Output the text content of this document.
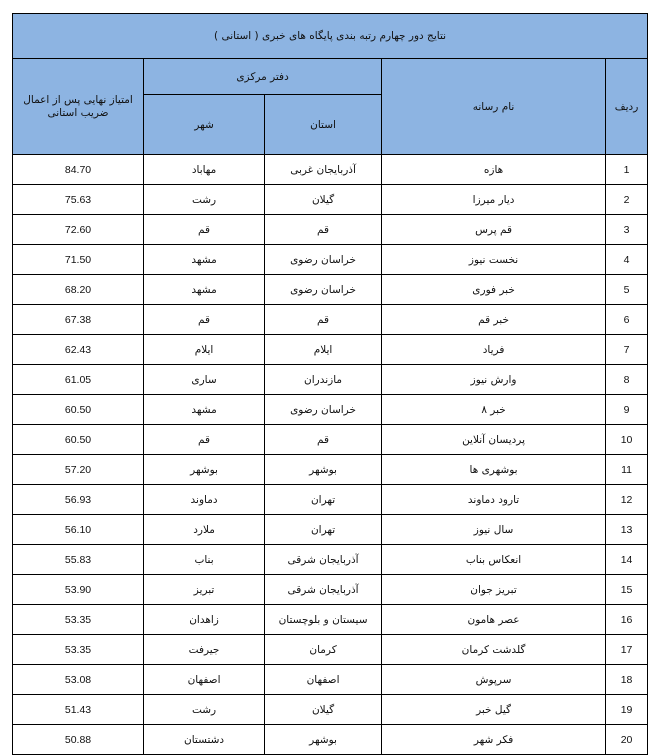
نتایج دور چهارم رتبه بندی پایگاه های خبری ( استانی )				
ردیف	نام رسانه	دفتر مرکزی		امتیاز نهایی پس از اعمال ضریب استانی
		استان	شهر	
1	هازه	آذربایجان غربی	مهاباد	84.70
2	دیار میرزا	گیلان	رشت	75.63
3	قم پرس	قم	قم	72.60
4	نخست نیوز	خراسان رضوی	مشهد	71.50
5	خبر فوری	خراسان رضوی	مشهد	68.20
6	خبر قم	قم	قم	67.38
7	فریاد	ایلام	ایلام	62.43
8	وارش نیوز	مازندران	ساری	61.05
9	خبر ۸	خراسان رضوی	مشهد	60.50
10	پردیسان آنلاین	قم	قم	60.50
11	بوشهری ها	بوشهر	بوشهر	57.20
12	تارود دماوند	تهران	دماوند	56.93
13	سال نیوز	تهران	ملارد	56.10
14	انعکاس بناب	آذربایجان شرقی	بناب	55.83
15	تبریز جوان	آذربایجان شرقی	تبریز	53.90
16	عصر هامون	سیستان و بلوچستان	زاهدان	53.35
17	گلدشت کرمان	کرمان	جیرفت	53.35
18	سرپوش	اصفهان	اصفهان	53.08
19	گیل خبر	گیلان	رشت	51.43
20	فکر شهر	بوشهر	دشتستان	50.88
